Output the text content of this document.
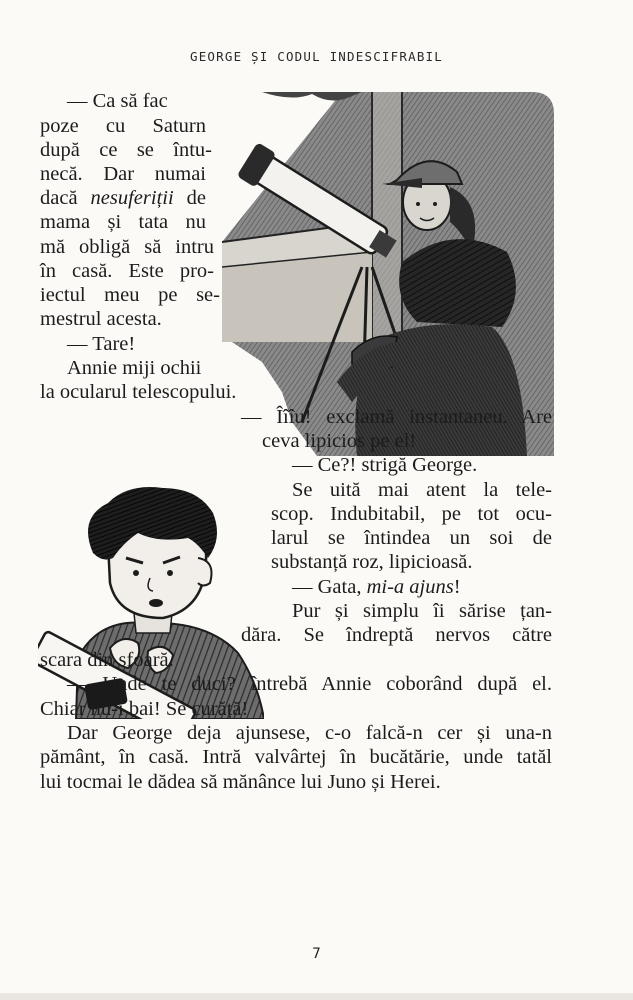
GEORGE ȘI CODUL INDESCIFRABIL
— Ca să fac
poze cu Saturn
după ce se întu-
necă. Dar numai
dacă nesuferiții de
mama și tata nu
mă obligă să intru
în casă. Este pro-
iectul meu pe se-
mestrul acesta.
— Tare!
Annie miji ochii
la ocularul telescopului.
— Îîîu! exclamă instantaneu. Are
ceva lipicios pe el!
— Ce?! strigă George.
Se uită mai atent la tele-
scop. Indubitabil, pe tot ocu-
larul se întindea un soi de
substanță roz, lipicioasă.
— Gata, mi-a ajuns!
Pur și simplu îi sărise țan-
dăra. Se îndreptă nervos către
scara din sfoară.
— Unde te duci? întrebă Annie coborând după el.
Chiar nu-i bai! Se curăță!
Dar George deja ajunsese, c-o falcă-n cer și una-n
pământ, în casă. Intră valvârtej în bucătărie, unde tatăl
lui tocmai le dădea să mănânce lui Juno și Herei.
7
